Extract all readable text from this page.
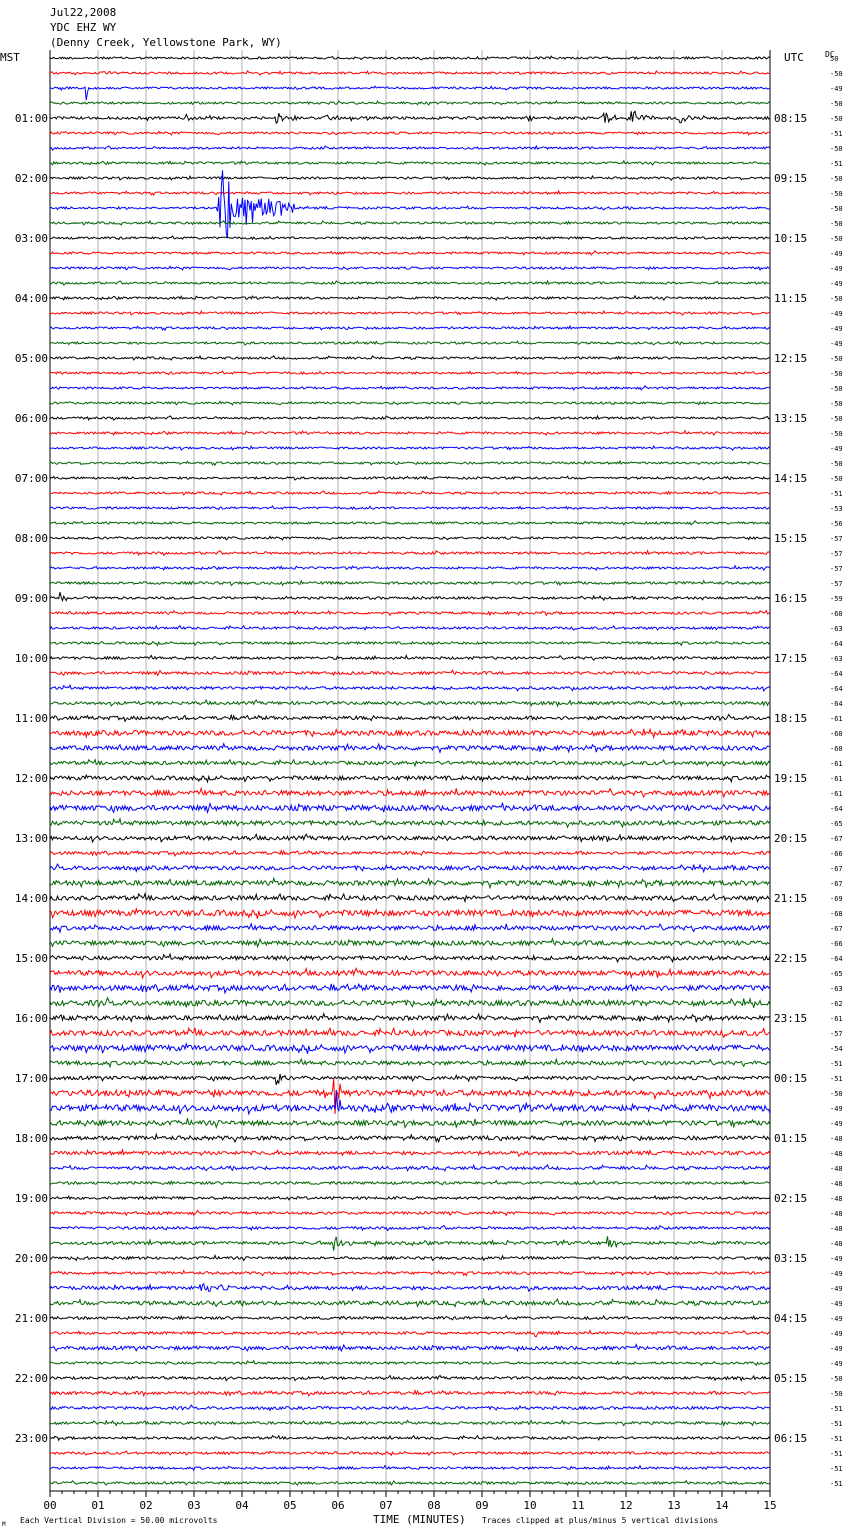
Jul22,2008
YDC EHZ WY
(Denny Creek, Yellowstone Park, WY)
MST	UTC	DC
01:00
02:00
03:00
04:00
05:00
06:00
07:00
08:00
09:00
10:00
11:00
12:00
13:00
14:00
15:00
16:00
17:00
18:00
19:00
20:00
21:00
22:00
23:00
08:15
09:15
10:15
11:15
12:15
13:15
14:15
15:15
16:15
17:15
18:15
19:15
20:15
21:15
22:15
23:15
00:15
01:15
02:15
03:15
04:15
05:15
06:15
50
-50
-49
-50
-50
-51
-50
-51
-50
-50
-50
-50
-50
-49
-49
-49
-50
-49
-49
-49
-50
-50
-50
-50
-50
-50
-49
-50
-50
-51
-53
-56
-57
-57
-57
-57
-59
-60
-63
-64
-63
-64
-64
-64
-61
-60
-60
-61
-61
-61
-64
-65
-67
-66
-67
-67
-69
-68
-67
-66
-64
-65
-63
-62
-61
-57
-54
-51
-51
-50
-49
-49
-48
-48
-48
-48
-48
-48
-48
-48
-49
-49
-49
-49
-49
-49
-49
-49
-50
-50
-51
-51
-51
-51
-51
-51
00	01	02	03	04	05	06	07	08	09	10	11	12	13	14	15
TIME (MINUTES)
Each Vertical Division = 50.00 microvolts	Traces clipped at plus/minus 5 vertical divisions
M
